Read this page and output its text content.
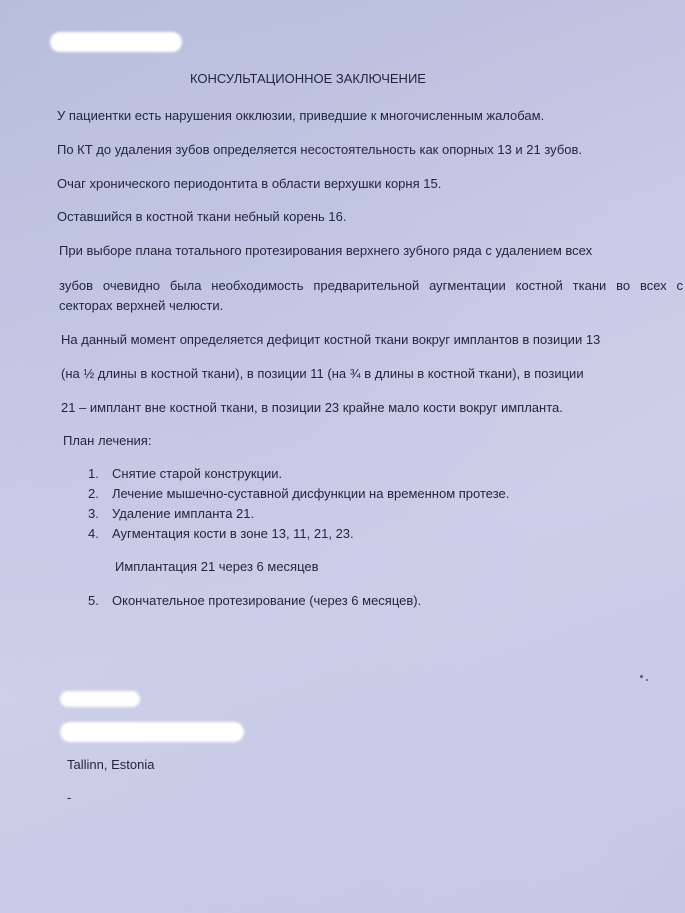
КОНСУЛЬТАЦИОННОЕ ЗАКЛЮЧЕНИЕ
У пациентки есть нарушения окклюзии, приведшие к многочисленным жалобам.
По КТ до удаления зубов определяется несостоятельность как опорных 13 и 21 зубов.
Очаг хронического периодонтита в области верхушки корня 15.
Оставшийся в костной ткани небный корень 16.
При выборе плана тотального протезирования верхнего зубного ряда с удалением всех
зубов очевидно была необходимость предварительной аугментации костной ткани во всех с
секторах верхней челюсти.
На данный момент определяется дефицит костной ткани вокруг имплантов в позиции 13
(на ½ длины в костной ткани), в позиции 11 (на ¾ в длины в костной ткани), в позиции
21 – имплант вне костной ткани, в позиции 23 крайне мало кости вокруг импланта.
План лечения:
1. Снятие старой конструкции.
2. Лечение мышечно-суставной дисфункции на временном протезе.
3. Удаление импланта 21.
4. Аугментация кости в зоне 13, 11, 21, 23.
Имплантация 21 через 6 месяцев
5. Окончательное протезирование (через 6 месяцев).
Tallinn, Estonia
-
